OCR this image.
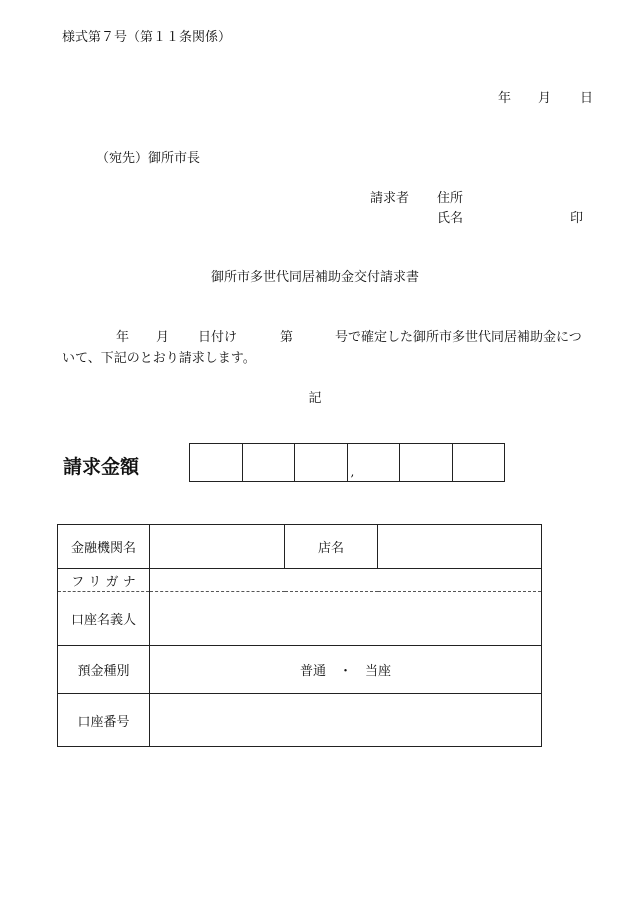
様式第７号（第１１条関係）
年 月 日
（宛先）御所市長
請求者 住所
氏名	印
御所市多世代同居補助金交付請求書
年 月 日付け	第	号で確定した御所市多世代同居補助金につ
いて、下記のとおり請求します。
記
請求金額	,
金融機関名		店名	
フ リ ガ ナ			
口座名義人			
預金種別	普通　・　当座		
口座番号			
